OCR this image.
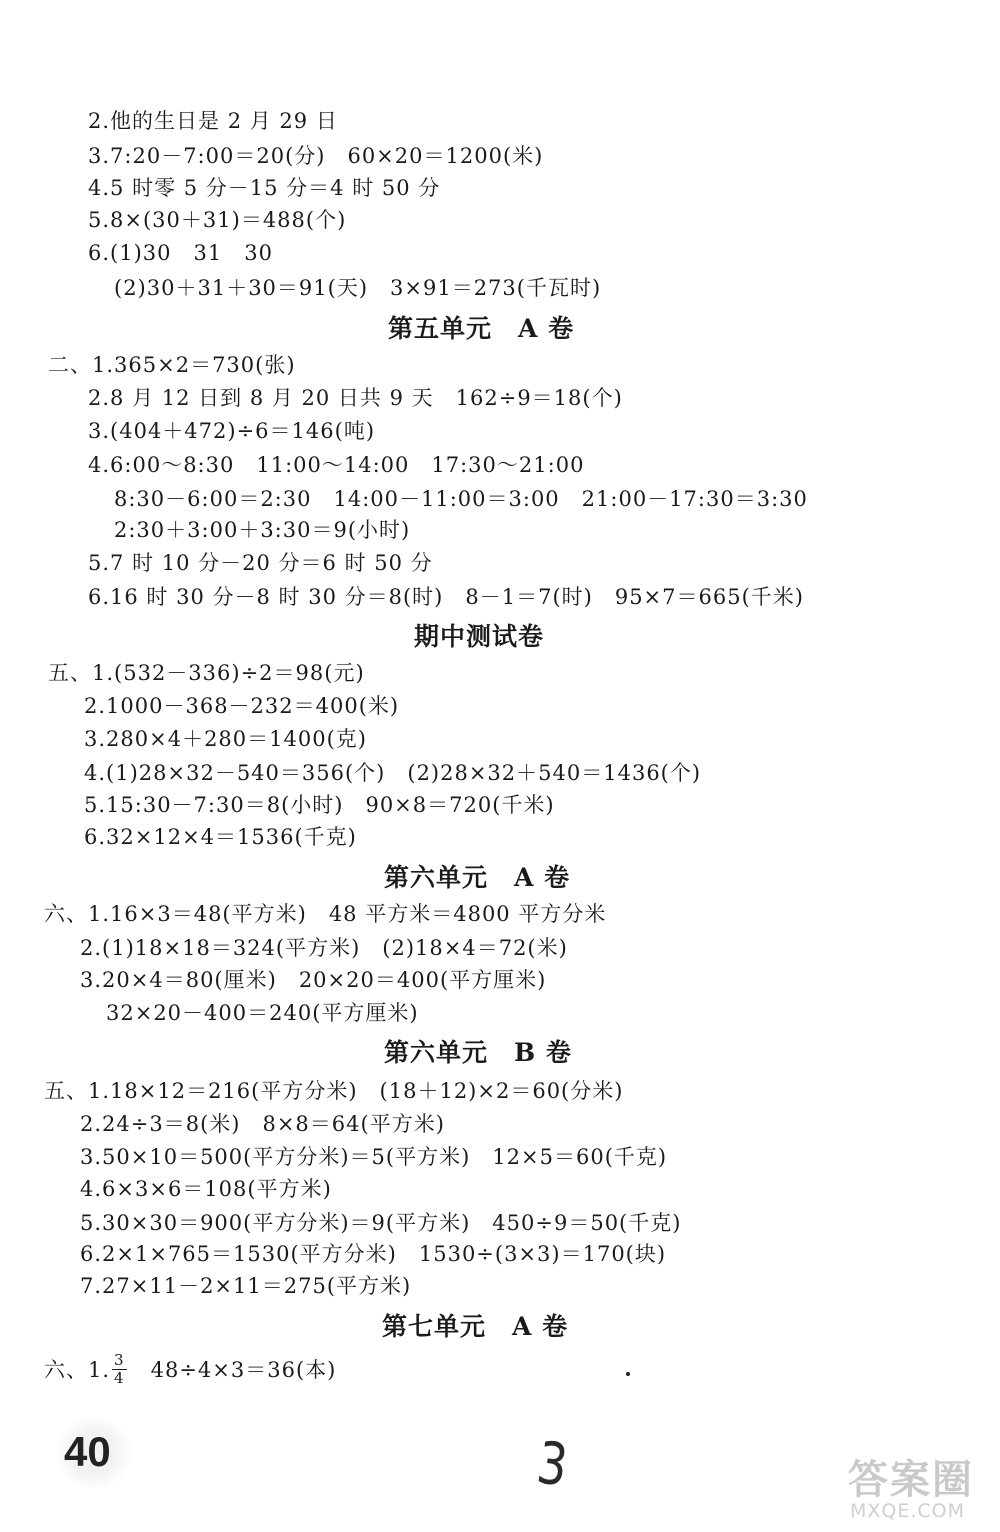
2.他的生日是 2 月 29 日
3.7:20－7:00＝20(分)　60×20＝1200(米)
4.5 时零 5 分－15 分＝4 时 50 分
5.8×(30＋31)＝488(个)
6.(1)30　31　30
(2)30＋31＋30＝91(天)　3×91＝273(千瓦时)
第五单元　A 卷
二、1.365×2＝730(张)
2.8 月 12 日到 8 月 20 日共 9 天　162÷9＝18(个)
3.(404＋472)÷6＝146(吨)
4.6:00～8:30　11:00～14:00　17:30～21:00
8:30－6:00＝2:30　14:00－11:00＝3:00　21:00－17:30＝3:30
2:30＋3:00＋3:30＝9(小时)
5.7 时 10 分－20 分＝6 时 50 分
6.16 时 30 分－8 时 30 分＝8(时)　8－1＝7(时)　95×7＝665(千米)
期中测试卷
五、1.(532－336)÷2＝98(元)
2.1000－368－232＝400(米)
3.280×4＋280＝1400(克)
4.(1)28×32－540＝356(个)　(2)28×32＋540＝1436(个)
5.15:30－7:30＝8(小时)　90×8＝720(千米)
6.32×12×4＝1536(千克)
第六单元　A 卷
六、1.16×3＝48(平方米)　48 平方米＝4800 平方分米
2.(1)18×18＝324(平方米)　(2)18×4＝72(米)
3.20×4＝80(厘米)　20×20＝400(平方厘米)
32×20－400＝240(平方厘米)
第六单元　B 卷
五、1.18×12＝216(平方分米)　(18＋12)×2＝60(分米)
2.24÷3＝8(米)　8×8＝64(平方米)
3.50×10＝500(平方分米)＝5(平方米)　12×5＝60(千克)
4.6×3×6＝108(平方米)
5.30×30＝900(平方分米)＝9(平方米)　450÷9＝50(千克)
6.2×1×765＝1530(平方分米)　1530÷(3×3)＝170(块)
7.27×11－2×11＝275(平方米)
第七单元　A 卷
六、1. $\frac{3}{4} 48\div 4\times 3=36$(本)
40	3	答案圈
MXQE.COM
